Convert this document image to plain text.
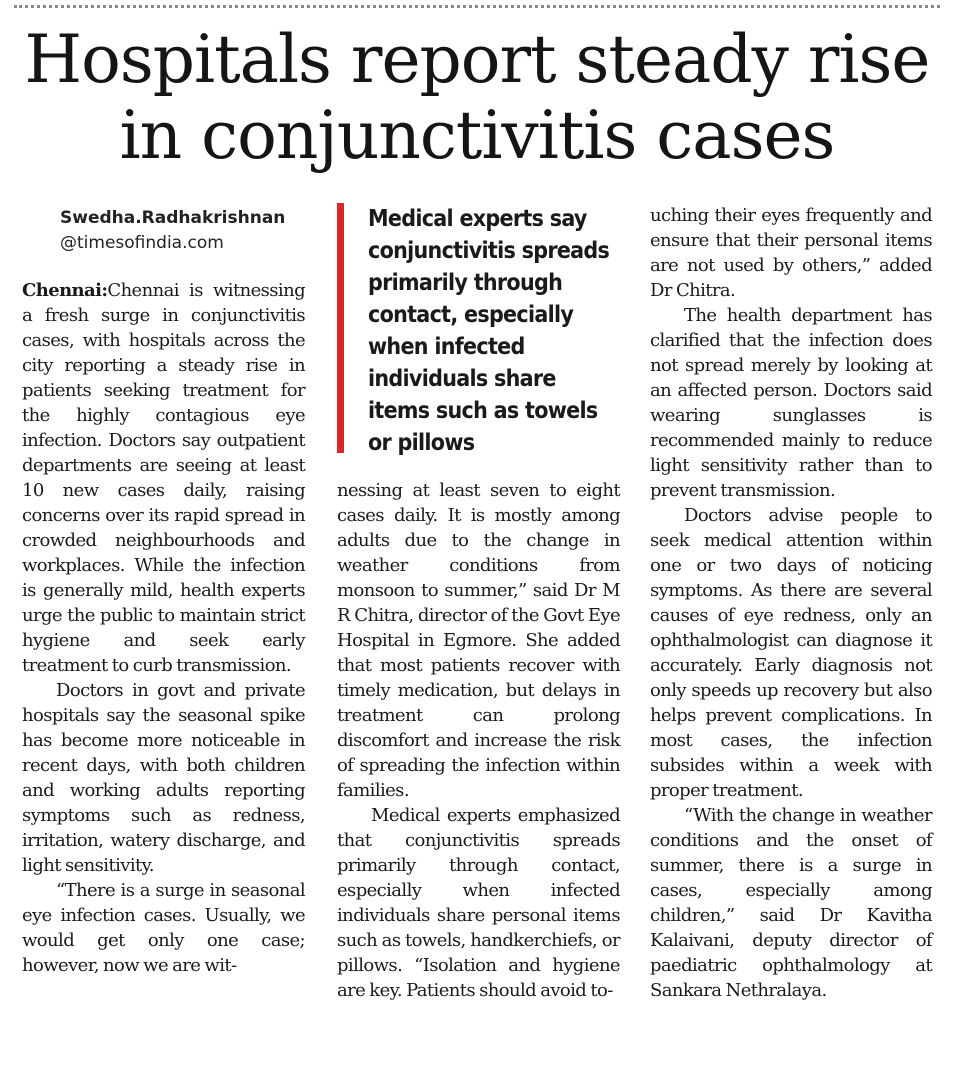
Hospitals report steady rise
in conjunctivitis cases
Swedha.Radhakrishnan
@timesofindia.com
Medical experts say conjunctivitis spreads primarily through contact, especially when infected individuals share items such as towels or pillows

Chennai:Chennai is witnessing a fresh surge in conjunctivitis cases, with hospitals across the city reporting a steady rise in patients seeking treatment for the highly contagious eye infection. Doctors say outpatient departments are seeing at least 10 new cases daily, raising concerns over its rapid spread in crowded neighbourhoods and workplaces. While the infection is generally mild, health experts urge the public to maintain strict hygiene and seek early treatment to curb transmission.

Doctors in govt and private hospitals say the seasonal spike has become more noticeable in recent days, with both children and working adults reporting symptoms such as redness, irritation, watery discharge, and light sensitivity.

“There is a surge in seasonal eye infection cases. Usually, we would get only one case; however, now we are wit-

nessing at least seven to eight cases daily. It is mostly among adults due to the change in weather conditions from monsoon to summer,” said Dr M R Chitra, director of the Govt Eye Hospital in Egmore. She added that most patients recover with timely medication, but delays in treatment can prolong discomfort and increase the risk of spreading the infection within families.

Medical experts emphasized that conjunctivitis spreads primarily through contact, especially when infected individuals share personal items such as towels, handkerchiefs, or pillows. “Isolation and hygiene are key. Patients should avoid to-

uching their eyes frequently and ensure that their personal items are not used by others,” added Dr Chitra.

The health department has clarified that the infection does not spread merely by looking at an affected person. Doctors said wearing sunglasses is recommended mainly to reduce light sensitivity rather than to prevent transmission.

Doctors advise people to seek medical attention within one or two days of noticing symptoms. As there are several causes of eye redness, only an ophthalmologist can diagnose it accurately. Early diagnosis not only speeds up recovery but also helps prevent complications. In most cases, the infection subsides within a week with proper treatment.

“With the change in weather conditions and the onset of summer, there is a surge in cases, especially among children,” said Dr Kavitha Kalaivani, deputy director of paediatric ophthalmology at Sankara Nethralaya.
